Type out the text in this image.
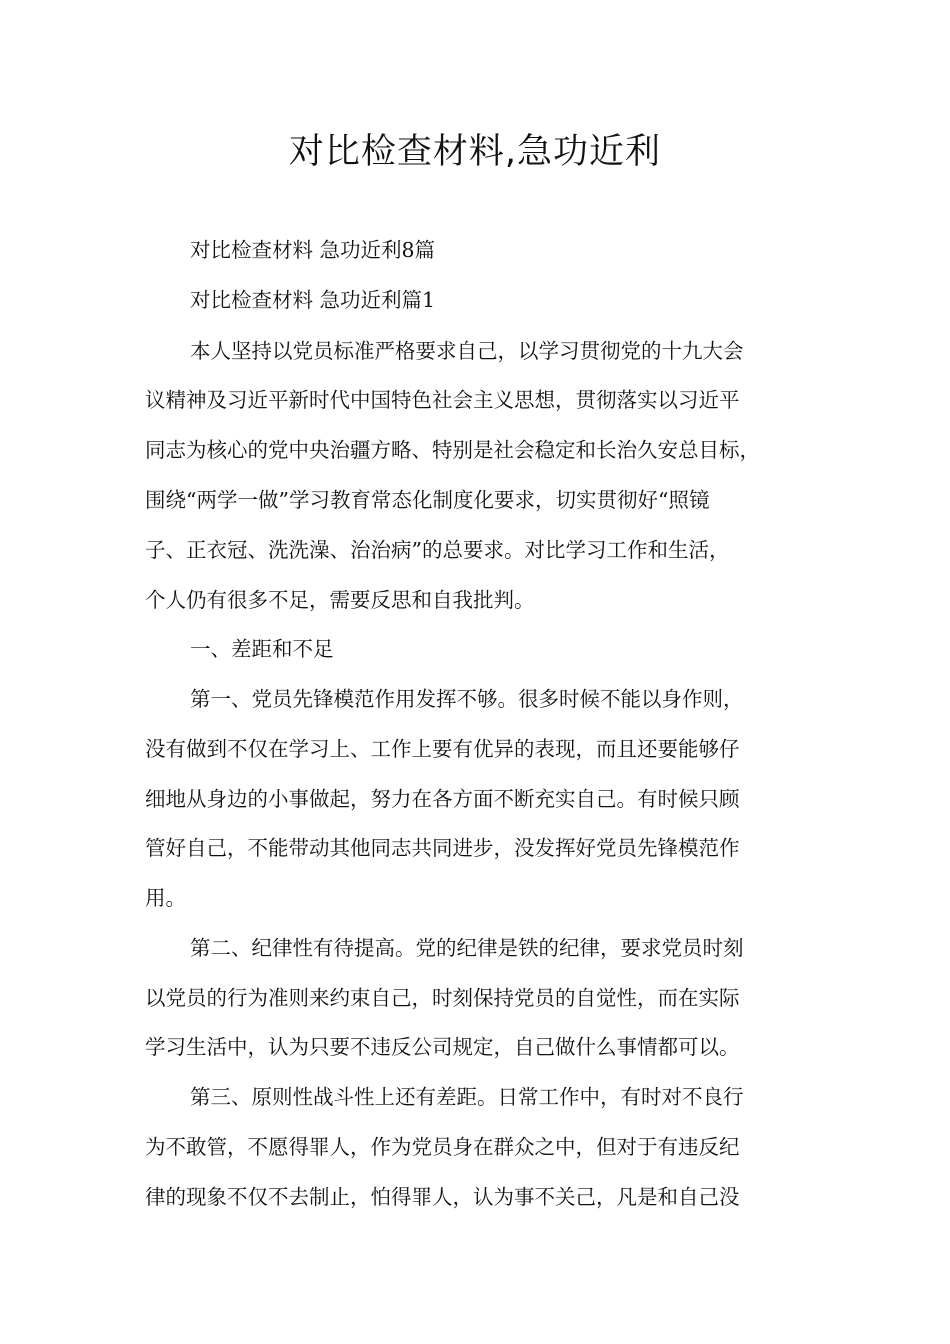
对比检查材料,急功近利

对比检查材料 急功近利8篇

对比检查材料 急功近利篇1

本人坚持以党员标准严格要求自己，以学习贯彻党的十九大会

议精神及习近平新时代中国特色社会主义思想，贯彻落实以习近平

同志为核心的党中央治疆方略、特别是社会稳定和长治久安总目标，

围绕“两学一做”学习教育常态化制度化要求，切实贯彻好“照镜

子、正衣冠、洗洗澡、治治病”的总要求。对比学习工作和生活，

个人仍有很多不足，需要反思和自我批判。

一、差距和不足

第一、党员先锋模范作用发挥不够。很多时候不能以身作则，

没有做到不仅在学习上、工作上要有优异的表现，而且还要能够仔

细地从身边的小事做起，努力在各方面不断充实自己。有时候只顾

管好自己，不能带动其他同志共同进步，没发挥好党员先锋模范作

用。

第二、纪律性有待提高。党的纪律是铁的纪律，要求党员时刻

以党员的行为准则来约束自己，时刻保持党员的自觉性，而在实际

学习生活中，认为只要不违反公司规定，自己做什么事情都可以。

第三、原则性战斗性上还有差距。日常工作中，有时对不良行

为不敢管，不愿得罪人，作为党员身在群众之中，但对于有违反纪

律的现象不仅不去制止，怕得罪人，认为事不关己，凡是和自己没
